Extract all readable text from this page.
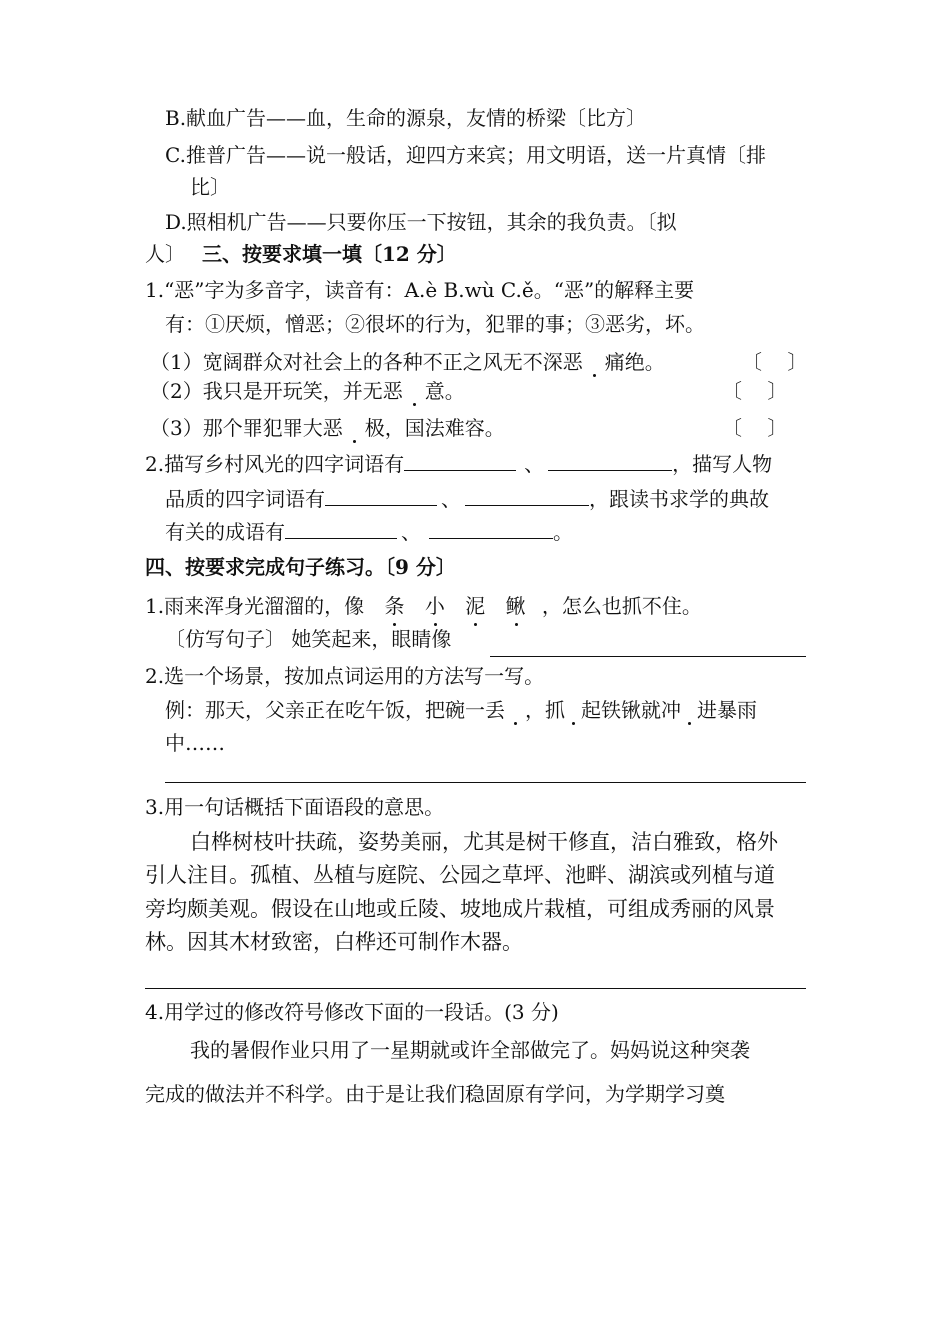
B.献血广告——血，生命的源泉，友情的桥梁〔比方〕
C.推普广告——说一般话，迎四方来宾；用文明语，送一片真情〔排
比〕
D.照相机广告——只要你压一下按钮，其余的我负责。〔拟
人〕 三、按要求填一填〔12 分〕
1.“恶”字为多音字，读音有：A.è B.wù C.ě。“恶”的解释主要
有：①厌烦，憎恶；②很坏的行为，犯罪的事；③恶劣，坏。
（1）宽阔群众对社会上的各种不正之风无不深恶 痛绝。	〔    〕
（2）我只是开玩笑，并无恶 意。	〔    〕
（3）那个罪犯罪大恶 极，国法难容。	〔    〕
2.描写乡村风光的四字词语有	、	，描写人物
品质的四字词语有	、	，跟读书求学的典故
有关的成语有	、	。
四、按要求完成句子练习。〔9 分〕
1.雨来浑身光溜溜的，像 条 小 泥 鳅 ，怎么也抓不住。
〔仿写句子〕 她笑起来，眼睛像
2.选一个场景，按加点词运用的方法写一写。
例：那天，父亲正在吃午饭，把碗一丢 ，抓 起铁锹就冲 进暴雨
中……
3.用一句话概括下面语段的意思。
白桦树枝叶扶疏，姿势美丽，尤其是树干修直，洁白雅致，格外
引人注目。孤植、丛植与庭院、公园之草坪、池畔、湖滨或列植与道
旁均颇美观。假设在山地或丘陵、坡地成片栽植，可组成秀丽的风景
林。因其木材致密，白桦还可制作木器。
4.用学过的修改符号修改下面的一段话。(3 分)
我的暑假作业只用了一星期就或许全部做完了。妈妈说这种突袭
完成的做法并不科学。由于是让我们稳固原有学问，为学期学习奠
